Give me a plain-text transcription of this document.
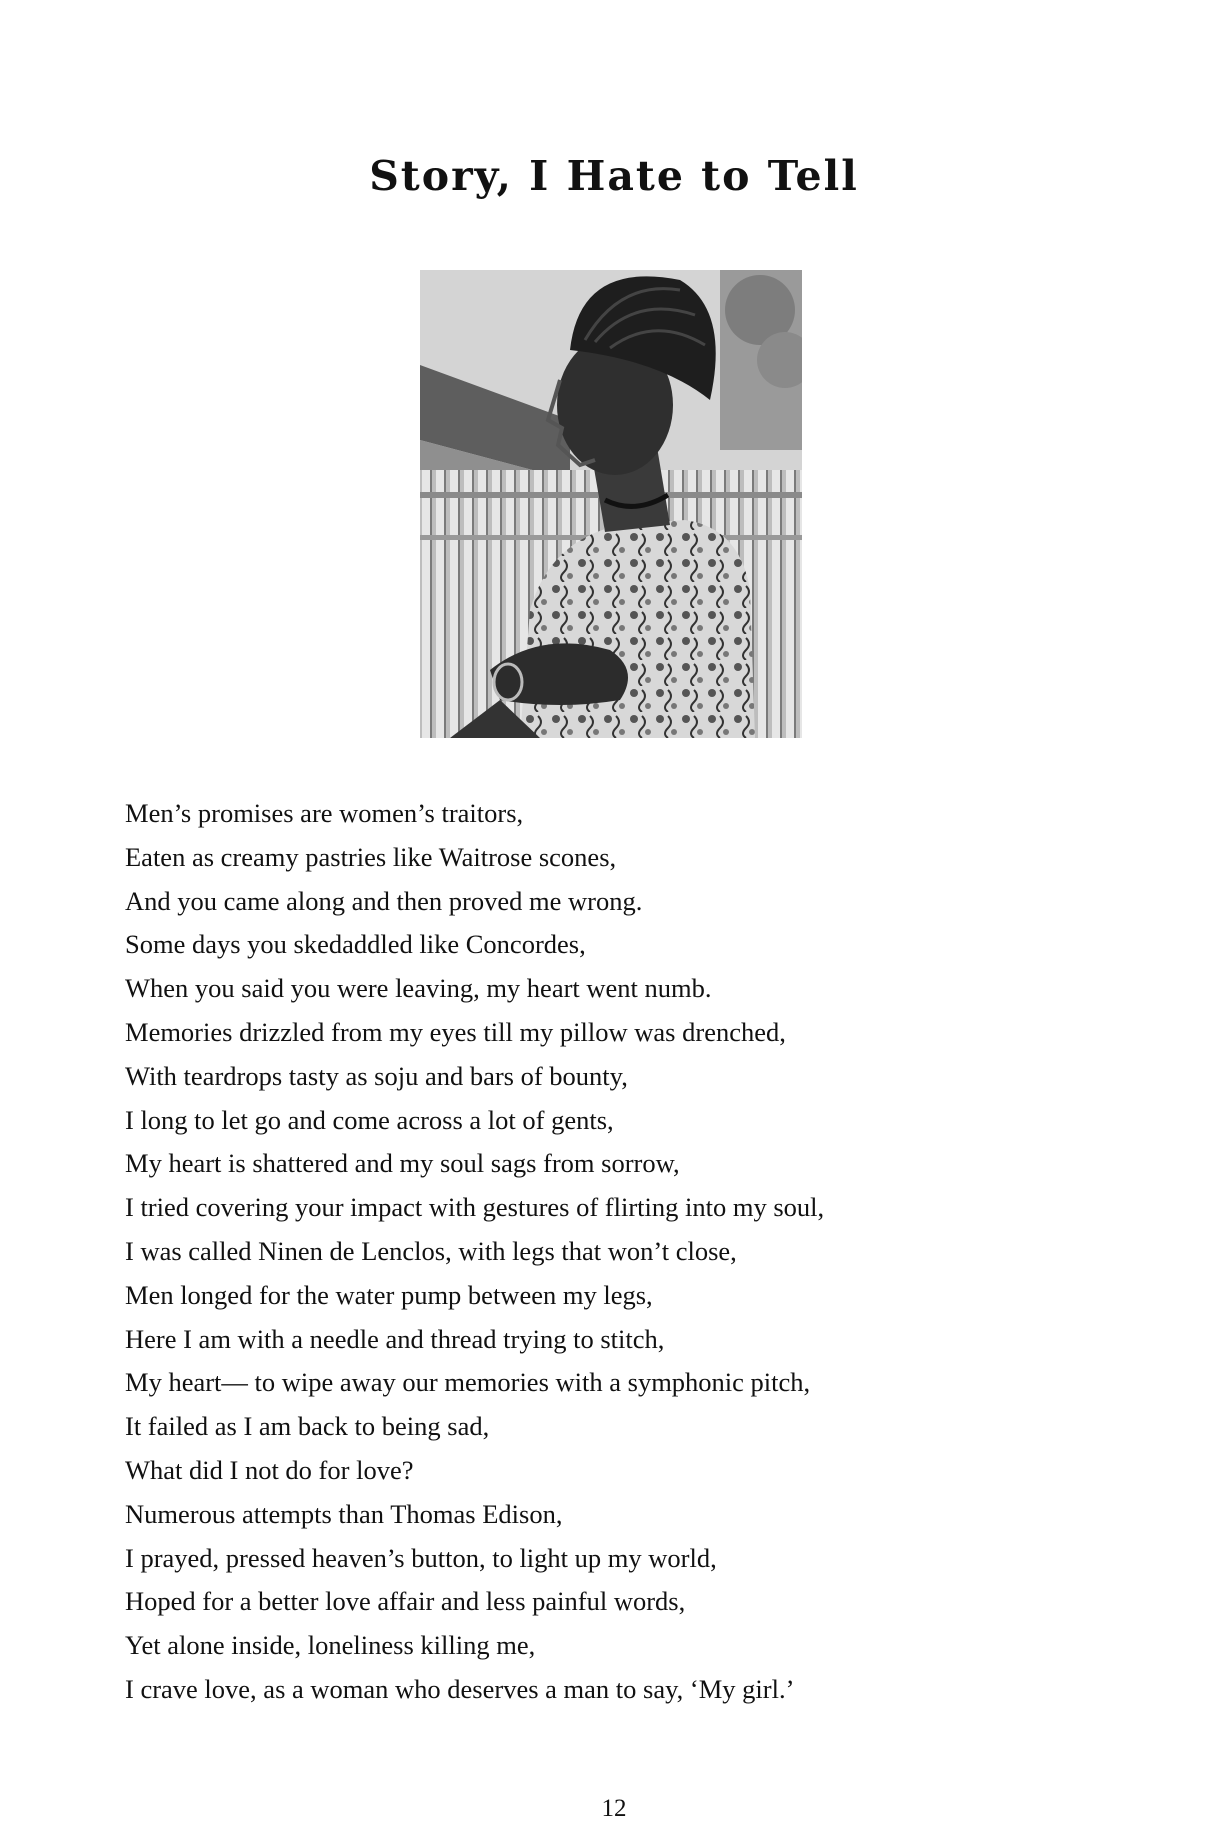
Story, I Hate to Tell
Men’s promises are women’s traitors,
Eaten as creamy pastries like Waitrose scones,
And you came along and then proved me wrong.
Some days you skedaddled like Concordes,
When you said you were leaving, my heart went numb.
Memories drizzled from my eyes till my pillow was drenched,
With teardrops tasty as soju and bars of bounty,
I long to let go and come across a lot of gents,
My heart is shattered and my soul sags from sorrow,
I tried covering your impact with gestures of flirting into my soul,
I was called Ninen de Lenclos, with legs that won’t close,
Men longed for the water pump between my legs,
Here I am with a needle and thread trying to stitch,
My heart— to wipe away our memories with a symphonic pitch,
It failed as I am back to being sad,
What did I not do for love?
Numerous attempts than Thomas Edison,
I prayed, pressed heaven’s button, to light up my world,
Hoped for a better love affair and less painful words,
Yet alone inside, loneliness killing me,
I crave love, as a woman who deserves a man to say, ‘My girl.’
12
